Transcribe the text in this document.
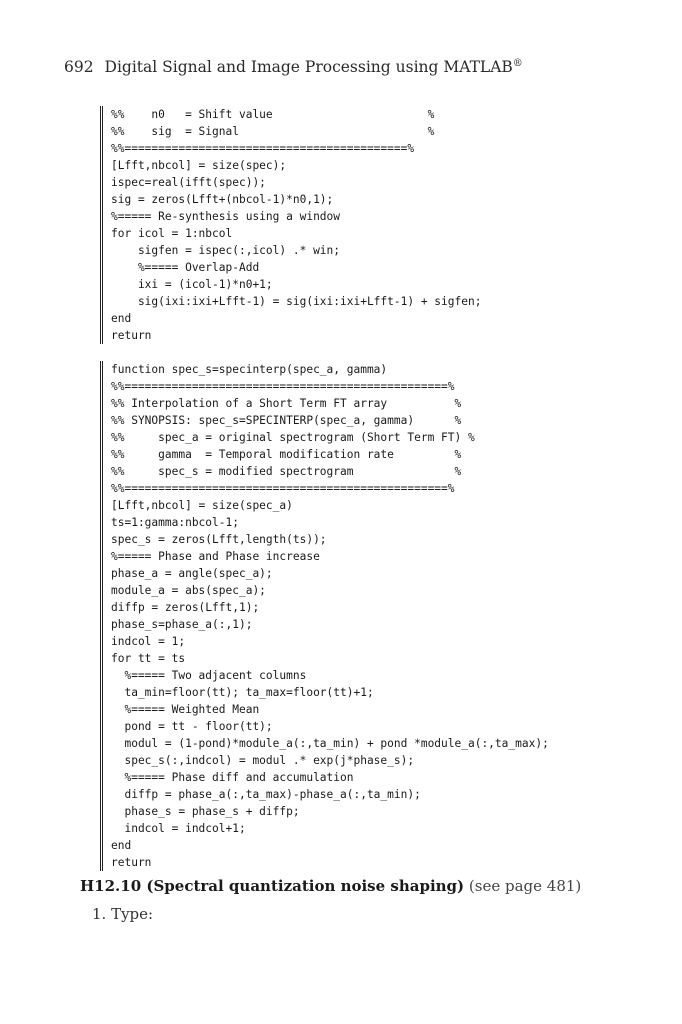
692 Digital Signal and Image Processing using MATLAB®
%%    n0   = Shift value                       %
%%    sig  = Signal                            %
%%==========================================%
[Lfft,nbcol] = size(spec);
ispec=real(ifft(spec));
sig = zeros(Lfft+(nbcol-1)*n0,1);
%===== Re-synthesis using a window
for icol = 1:nbcol
sigfen = ispec(:,icol) .* win;
%===== Overlap-Add
ixi = (icol-1)*n0+1;
sig(ixi:ixi+Lfft-1) = sig(ixi:ixi+Lfft-1) + sigfen;
end
return
function spec_s=specinterp(spec_a, gamma)
%%================================================%
%% Interpolation of a Short Term FT array          %
%% SYNOPSIS: spec_s=SPECINTERP(spec_a, gamma)      %
%%     spec_a = original spectrogram (Short Term FT) %
%%     gamma  = Temporal modification rate         %
%%     spec_s = modified spectrogram               %
%%================================================%
[Lfft,nbcol] = size(spec_a)
ts=1:gamma:nbcol-1;
spec_s = zeros(Lfft,length(ts));
%===== Phase and Phase increase
phase_a = angle(spec_a);
module_a = abs(spec_a);
diffp = zeros(Lfft,1);
phase_s=phase_a(:,1);
indcol = 1;
for tt = ts
%===== Two adjacent columns
ta_min=floor(tt); ta_max=floor(tt)+1;
%===== Weighted Mean
pond = tt - floor(tt);
modul = (1-pond)*module_a(:,ta_min) + pond *module_a(:,ta_max);
spec_s(:,indcol) = modul .* exp(j*phase_s);
%===== Phase diff and accumulation
diffp = phase_a(:,ta_max)-phase_a(:,ta_min);
phase_s = phase_s + diffp;
indcol = indcol+1;
end
return
H12.10 (Spectral quantization noise shaping) (see page 481)
1. Type:
